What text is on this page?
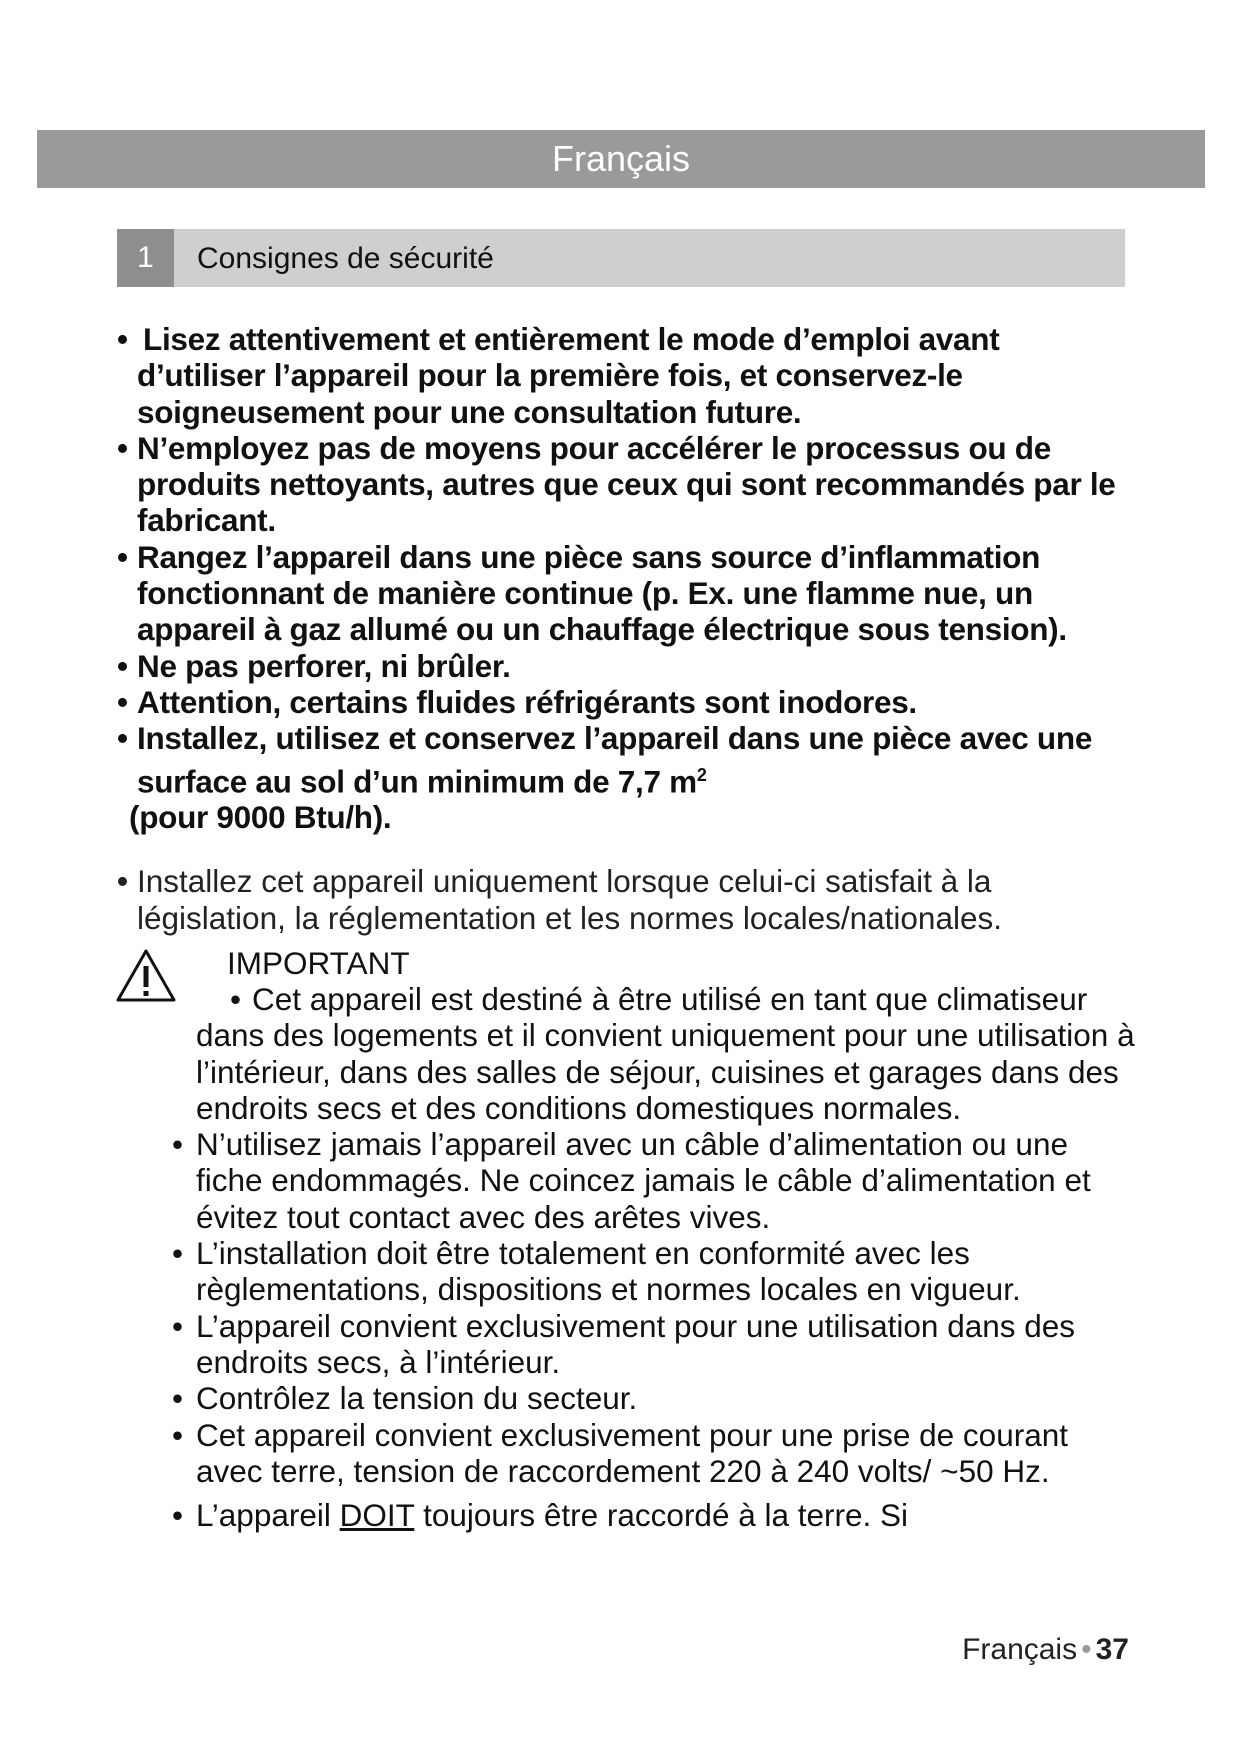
Français
1	Consignes de sécurité
• Lisez attentivement et entièrement le mode d’emploi avant d’utiliser l’appareil pour la première fois, et conservez-le soigneusement pour une consultation future.
• N’employez pas de moyens pour accélérer le processus ou de produits nettoyants, autres que ceux qui sont recommandés par le fabricant.
• Rangez l’appareil dans une pièce sans source d’inflammation fonctionnant de manière continue (p. Ex. une flamme nue, un appareil à gaz allumé ou un chauffage électrique sous tension).
• Ne pas perforer, ni brûler.
• Attention, certains fluides réfrigérants sont inodores.
• Installez, utilisez et conservez l’appareil dans une pièce avec une surface au sol d’un minimum de 7,7 $m^2$
(pour 9000 Btu/h).
• Installez cet appareil uniquement lorsque celui-ci satisfait à la législation, la réglementation et les normes locales/nationales.
IMPORTANT
• Cet appareil est destiné à être utilisé en tant que climatiseur dans des logements et il convient uniquement pour une utilisation à l’intérieur, dans des salles de séjour, cuisines et garages dans des endroits secs et des conditions domestiques normales.
• N’utilisez jamais l’appareil avec un câble d’alimentation ou une fiche endommagés. Ne coincez jamais le câble d’alimentation et évitez tout contact avec des arêtes vives.
• L’installation doit être totalement en conformité avec les règlementations, dispositions et normes locales en vigueur.
• L’appareil convient exclusivement pour une utilisation dans des endroits secs, à l’intérieur.
• Contrôlez la tension du secteur.
• Cet appareil convient exclusivement pour une prise de courant avec terre, tension de raccordement 220 à 240 volts/ ~50 Hz.
• L’appareil DOIT toujours être raccordé à la terre. Si
Français • 37
